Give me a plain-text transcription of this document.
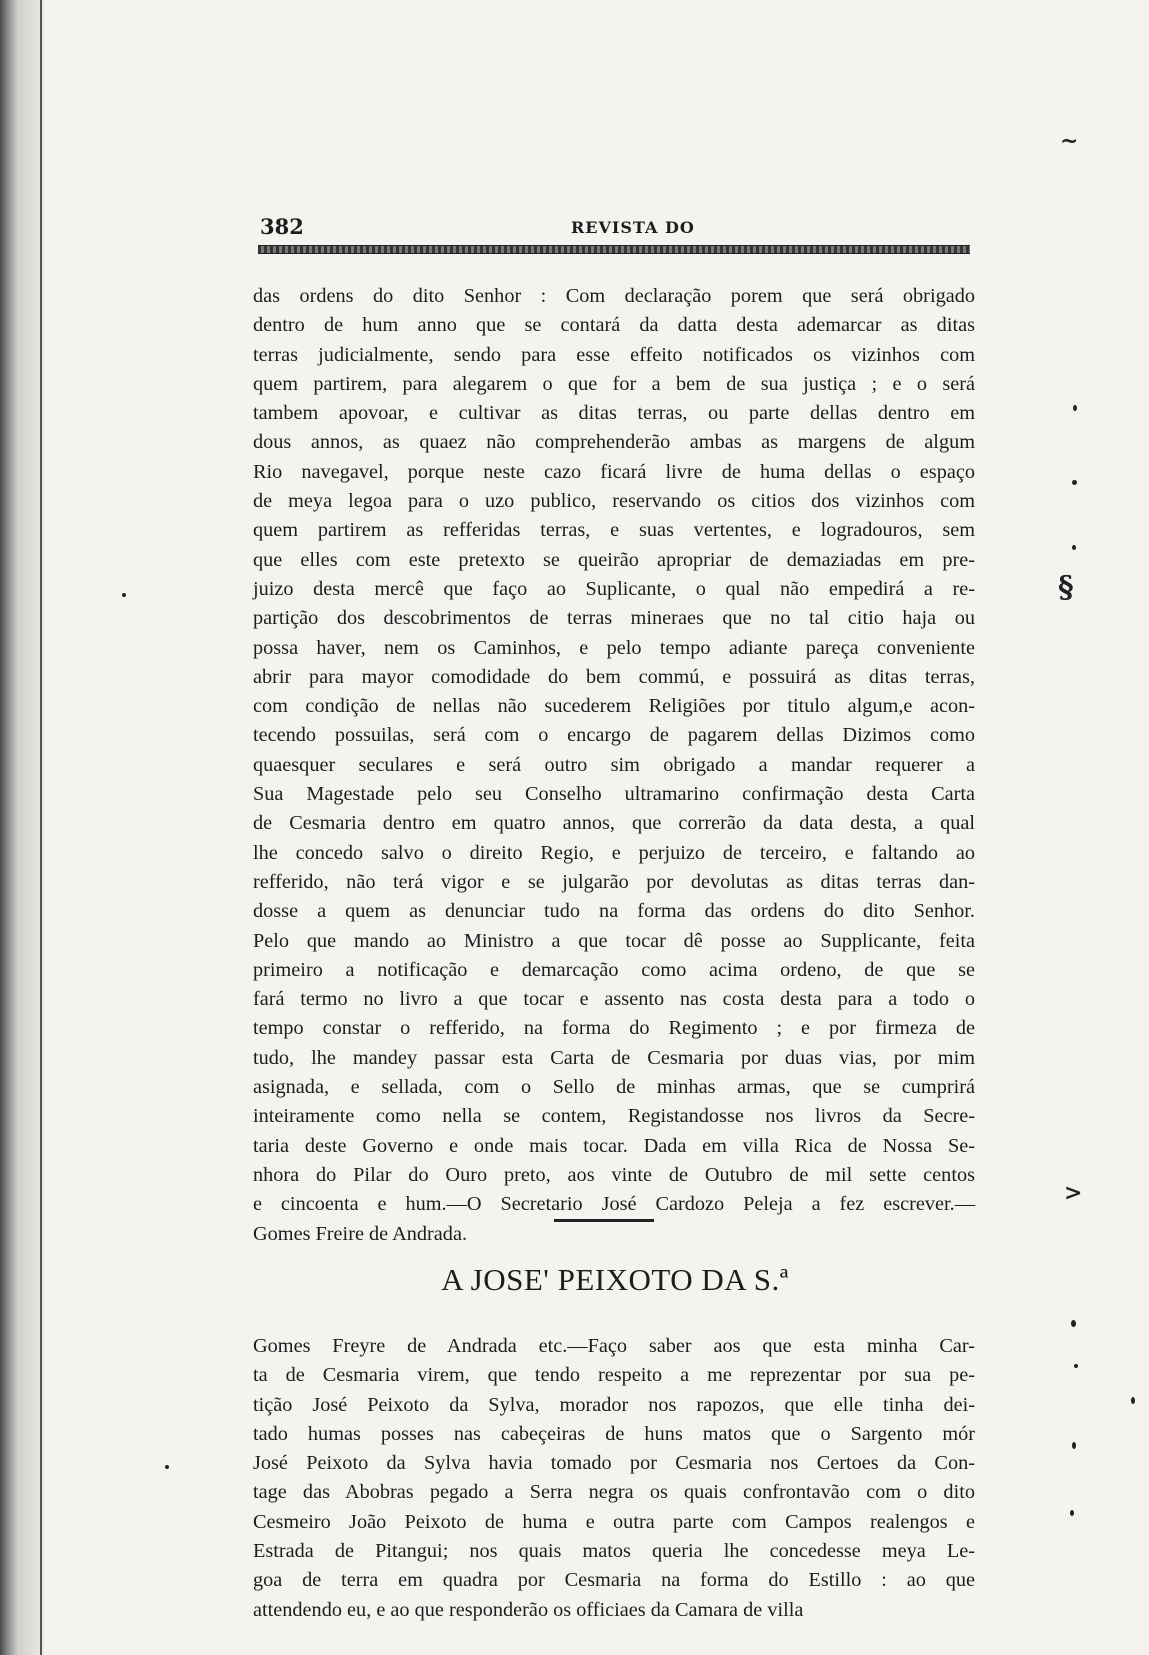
382	REVISTA DO
das ordens do dito Senhor : Com declaração porem que será obrigado
dentro de hum anno que se contará da datta desta ademarcar as ditas
terras judicialmente, sendo para esse effeito notificados os vizinhos com
quem partirem, para alegarem o que for a bem de sua justiça ; e o será
tambem apovoar, e cultivar as ditas terras, ou parte dellas dentro em
dous annos, as quaez não comprehenderão ambas as margens de algum
Rio navegavel, porque neste cazo ficará livre de huma dellas o espaço
de meya legoa para o uzo publico, reservando os citios dos vizinhos com
quem partirem as refferidas terras, e suas vertentes, e logradouros, sem
que elles com este pretexto se queirão apropriar de demaziadas em pre-
juizo desta mercê que faço ao Suplicante, o qual não empedirá a re-
partição dos descobrimentos de terras mineraes que no tal citio haja ou
possa haver, nem os Caminhos, e pelo tempo adiante pareça conveniente
abrir para mayor comodidade do bem commú, e possuirá as ditas terras,
com condição de nellas não sucederem Religiões por titulo algum,e acon-
tecendo possuilas, será com o encargo de pagarem dellas Dizimos como
quaesquer seculares e será outro sim obrigado a mandar requerer a
Sua Magestade pelo seu Conselho ultramarino confirmação desta Carta
de Cesmaria dentro em quatro annos, que correrão da data desta, a qual
lhe concedo salvo o direito Regio, e perjuizo de terceiro, e faltando ao
refferido, não terá vigor e se julgarão por devolutas as ditas terras dan-
dosse a quem as denunciar tudo na forma das ordens do dito Senhor.
Pelo que mando ao Ministro a que tocar dê posse ao Supplicante, feita
primeiro a notificação e demarcação como acima ordeno, de que se
fará termo no livro a que tocar e assento nas costa desta para a todo o
tempo constar o refferido, na forma do Regimento ; e por firmeza de
tudo, lhe mandey passar esta Carta de Cesmaria por duas vias, por mim
asignada, e sellada, com o Sello de minhas armas, que se cumprirá
inteiramente como nella se contem, Registandosse nos livros da Secre-
taria deste Governo e onde mais tocar. Dada em villa Rica de Nossa Se-
nhora do Pilar do Ouro preto, aos vinte de Outubro de mil sette centos
e cincoenta e hum.—O Secretario José Cardozo Peleja a fez escrever.—
Gomes Freire de Andrada.
A JOSE' PEIXOTO DA S.ª
Gomes Freyre de Andrada etc.—Faço saber aos que esta minha Car-
ta de Cesmaria virem, que tendo respeito a me reprezentar por sua pe-
tição José Peixoto da Sylva, morador nos rapozos, que elle tinha dei-
tado humas posses nas cabeçeiras de huns matos que o Sargento mór
José Peixoto da Sylva havia tomado por Cesmaria nos Certoes da Con-
tage das Abobras pegado a Serra negra os quais confrontavão com o dito
Cesmeiro João Peixoto de huma e outra parte com Campos realengos e
Estrada de Pitangui; nos quais matos queria lhe concedesse meya Le-
goa de terra em quadra por Cesmaria na forma do Estillo : ao que
attendendo eu, e ao que responderão os officiaes da Camara de villa
~
§
>
